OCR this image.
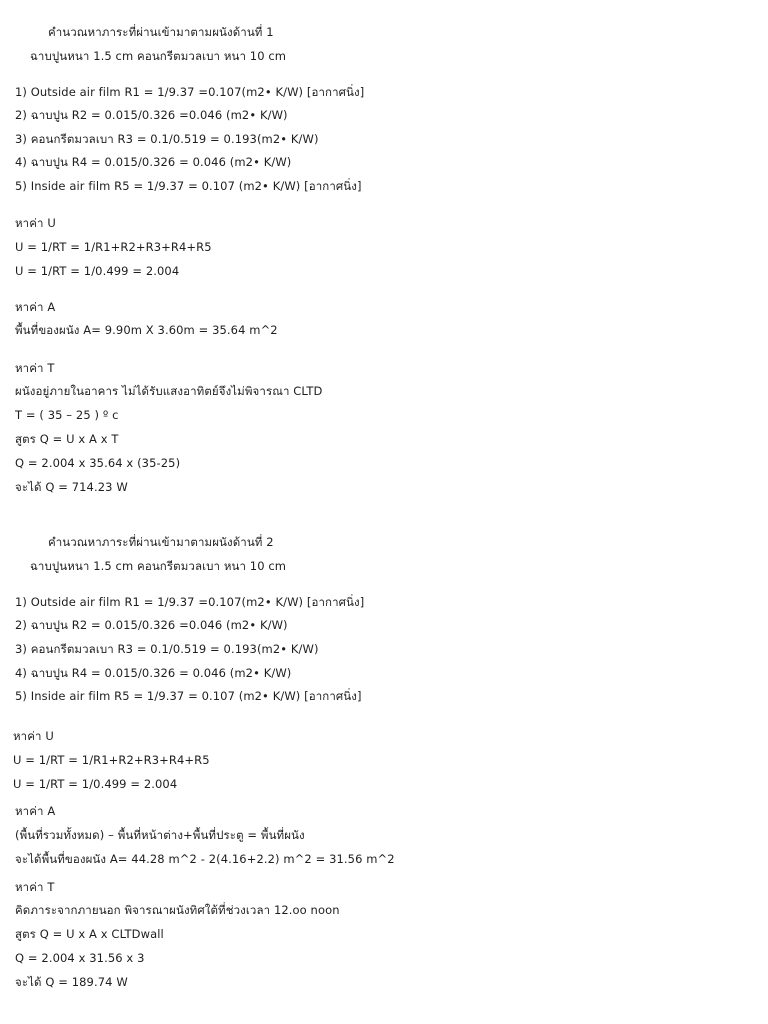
คำนวณหาภาระที่ผ่านเข้ามาตามผนังด้านที่ 1
ฉาบปูนหนา 1.5 cm คอนกรีตมวลเบา หนา 10 cm
1) Outside air film R1 = 1/9.37 =0.107(m2• K/W) [อากาศนิ่ง]
2) ฉาบปูน R2 = 0.015/0.326 =0.046 (m2• K/W)
3) คอนกรีตมวลเบา R3 = 0.1/0.519 = 0.193(m2• K/W)
4) ฉาบปูน R4 = 0.015/0.326 = 0.046 (m2• K/W)
5) Inside air film R5 = 1/9.37 = 0.107 (m2• K/W) [อากาศนิ่ง]
หาค่า U
U = 1/RT = 1/R1+R2+R3+R4+R5
U = 1/RT = 1/0.499 = 2.004
หาค่า A
พื้นที่ของผนัง A= 9.90m X 3.60m = 35.64 m^2
หาค่า T
ผนังอยู่ภายในอาคาร ไม่ได้รับแสงอาทิตย์จึงไม่พิจารณา CLTD
T = ( 35 – 25 ) º c
สูตร Q = U x A x T
Q = 2.004 x 35.64 x (35-25)
จะได้ Q = 714.23 W
คำนวณหาภาระที่ผ่านเข้ามาตามผนังด้านที่ 2
ฉาบปูนหนา 1.5 cm คอนกรีตมวลเบา หนา 10 cm
1) Outside air film R1 = 1/9.37 =0.107(m2• K/W) [อากาศนิ่ง]
2) ฉาบปูน R2 = 0.015/0.326 =0.046 (m2• K/W)
3) คอนกรีตมวลเบา R3 = 0.1/0.519 = 0.193(m2• K/W)
4) ฉาบปูน R4 = 0.015/0.326 = 0.046 (m2• K/W)
5) Inside air film R5 = 1/9.37 = 0.107 (m2• K/W) [อากาศนิ่ง]
หาค่า U
U = 1/RT = 1/R1+R2+R3+R4+R5
U = 1/RT = 1/0.499 = 2.004
หาค่า A
(พื้นที่รวมทั้งหมด) – พื้นที่หน้าต่าง+พื้นที่ประตู = พื้นที่ผนัง
จะได้พื้นที่ของผนัง A= 44.28 m^2 - 2(4.16+2.2) m^2 = 31.56 m^2
หาค่า T
คิดภาระจากภายนอก พิจารณาผนังทิศใต้ที่ช่วงเวลา 12.oo noon
สูตร Q = U x A x CLTDwall
Q = 2.004 x 31.56 x 3
จะได้ Q = 189.74 W
